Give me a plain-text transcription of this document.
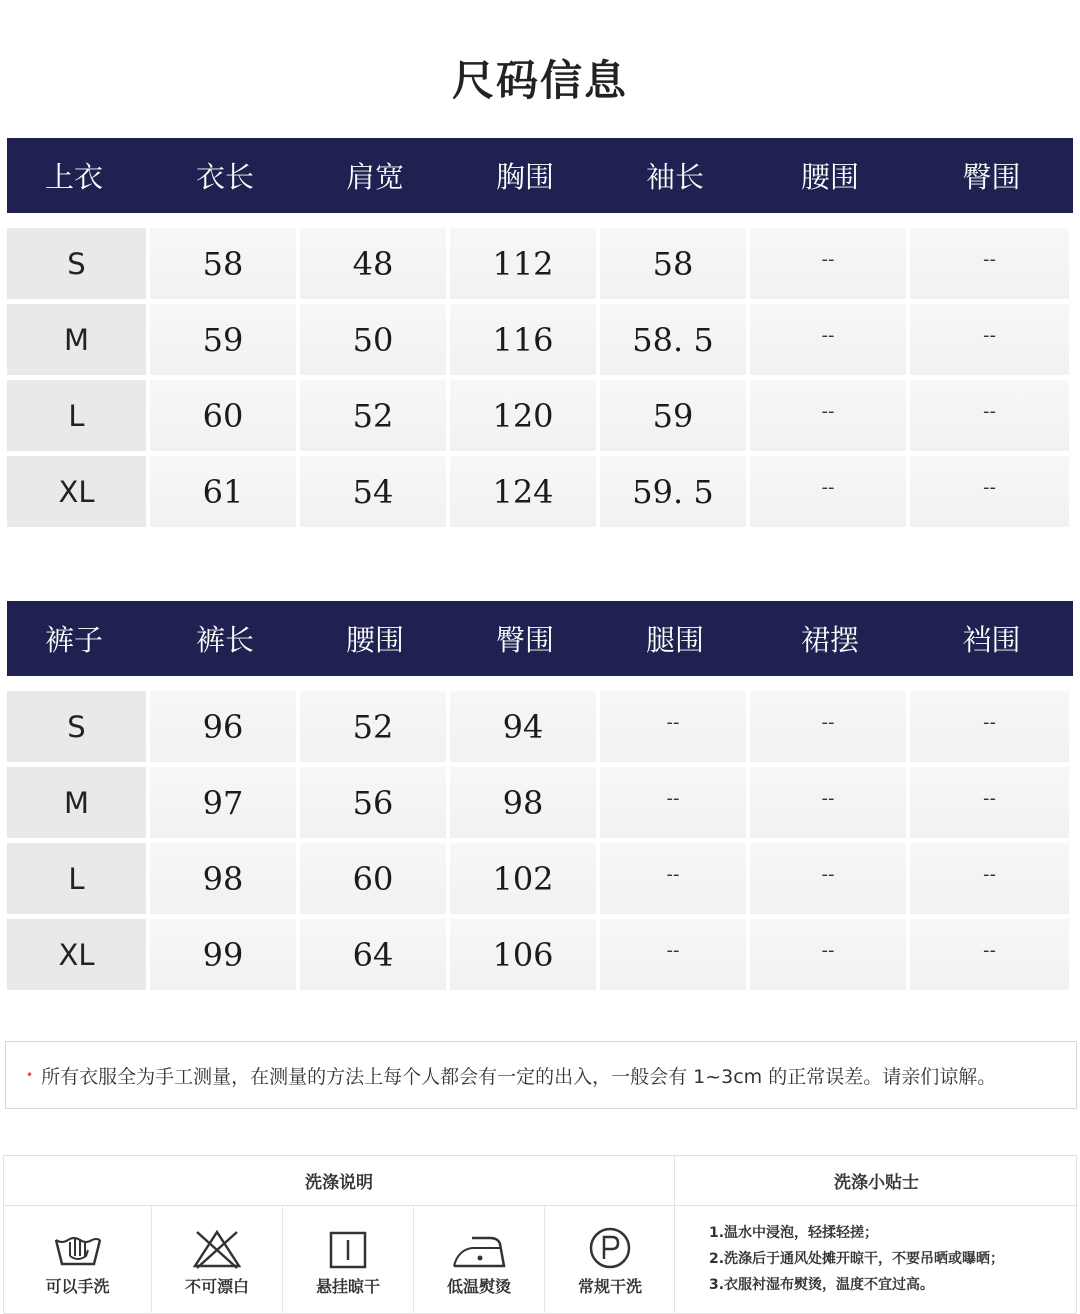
尺码信息
上衣	衣长	肩宽	胸围	袖长	腰围	臀围
S	58	48	112	58	--	--
M	59	50	116	58. 5	--	--
L	60	52	120	59	--	--
XL	61	54	124	59. 5	--	--
裤子	裤长	腰围	臀围	腿围	裙摆	裆围
S	96	52	94	--	--	--
M	97	56	98	--	--	--
L	98	60	102	--	--	--
XL	99	64	106	--	--	--
• 所有衣服全为手工测量，在测量的方法上每个人都会有一定的出入，一般会有 1~3cm 的正常误差。请亲们谅解。
洗涤说明
可以手洗	不可漂白	悬挂晾干	低温熨烫	常规干洗
洗涤小贴士
1.温水中浸泡，轻揉轻搓；
2.洗涤后于通风处摊开晾干，不要吊晒或曝晒；
3.衣服衬湿布熨烫，温度不宜过高。
